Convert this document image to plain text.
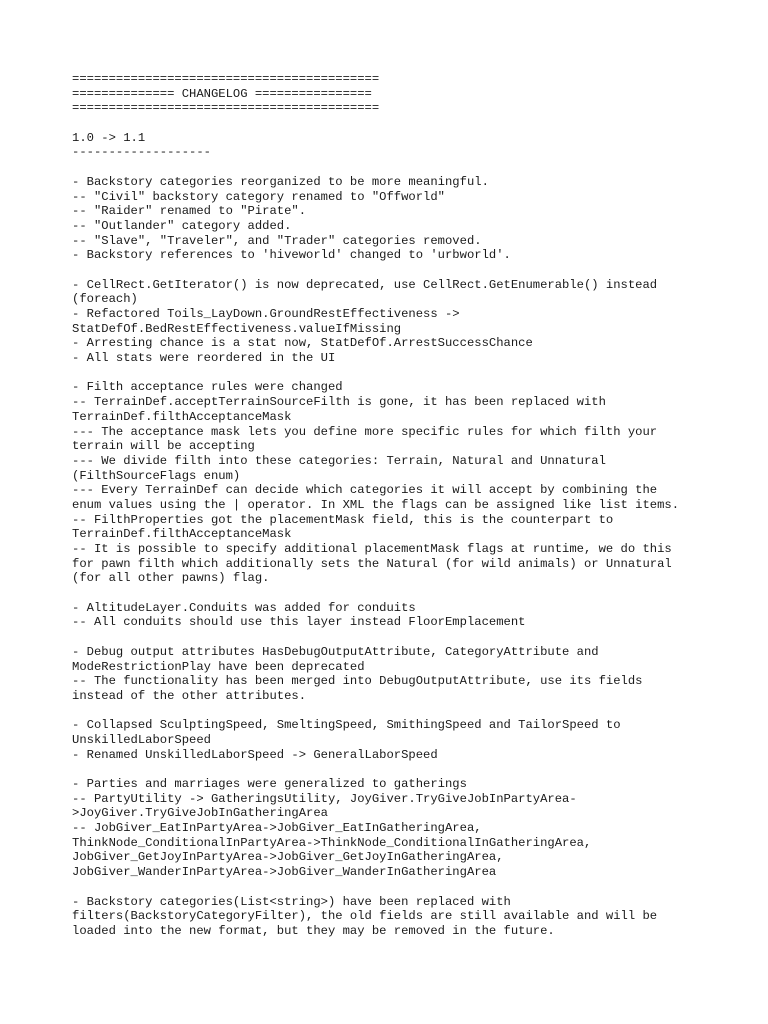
==========================================
============== CHANGELOG ================
==========================================
1.0 -> 1.1
-------------------
- Backstory categories reorganized to be more meaningful.
-- "Civil" backstory category renamed to "Offworld"
-- "Raider" renamed to "Pirate".
-- "Outlander" category added.
-- "Slave", "Traveler", and "Trader" categories removed.
- Backstory references to 'hiveworld' changed to 'urbworld'.
- CellRect.GetIterator() is now deprecated, use CellRect.GetEnumerable() instead
(foreach)
- Refactored Toils_LayDown.GroundRestEffectiveness ->
StatDefOf.BedRestEffectiveness.valueIfMissing
- Arresting chance is a stat now, StatDefOf.ArrestSuccessChance
- All stats were reordered in the UI
- Filth acceptance rules were changed
-- TerrainDef.acceptTerrainSourceFilth is gone, it has been replaced with
TerrainDef.filthAcceptanceMask
--- The acceptance mask lets you define more specific rules for which filth your
terrain will be accepting
--- We divide filth into these categories: Terrain, Natural and Unnatural
(FilthSourceFlags enum)
--- Every TerrainDef can decide which categories it will accept by combining the
enum values using the | operator. In XML the flags can be assigned like list items.
-- FilthProperties got the placementMask field, this is the counterpart to
TerrainDef.filthAcceptanceMask
-- It is possible to specify additional placementMask flags at runtime, we do this
for pawn filth which additionally sets the Natural (for wild animals) or Unnatural
(for all other pawns) flag.
- AltitudeLayer.Conduits was added for conduits
-- All conduits should use this layer instead FloorEmplacement
- Debug output attributes HasDebugOutputAttribute, CategoryAttribute and
ModeRestrictionPlay have been deprecated
-- The functionality has been merged into DebugOutputAttribute, use its fields
instead of the other attributes.
- Collapsed SculptingSpeed, SmeltingSpeed, SmithingSpeed and TailorSpeed to
UnskilledLaborSpeed
- Renamed UnskilledLaborSpeed -> GeneralLaborSpeed
- Parties and marriages were generalized to gatherings
-- PartyUtility -> GatheringsUtility, JoyGiver.TryGiveJobInPartyArea-
>JoyGiver.TryGiveJobInGatheringArea
-- JobGiver_EatInPartyArea->JobGiver_EatInGatheringArea,
ThinkNode_ConditionalInPartyArea->ThinkNode_ConditionalInGatheringArea,
JobGiver_GetJoyInPartyArea->JobGiver_GetJoyInGatheringArea,
JobGiver_WanderInPartyArea->JobGiver_WanderInGatheringArea
- Backstory categories(List<string>) have been replaced with
filters(BackstoryCategoryFilter), the old fields are still available and will be
loaded into the new format, but they may be removed in the future.
